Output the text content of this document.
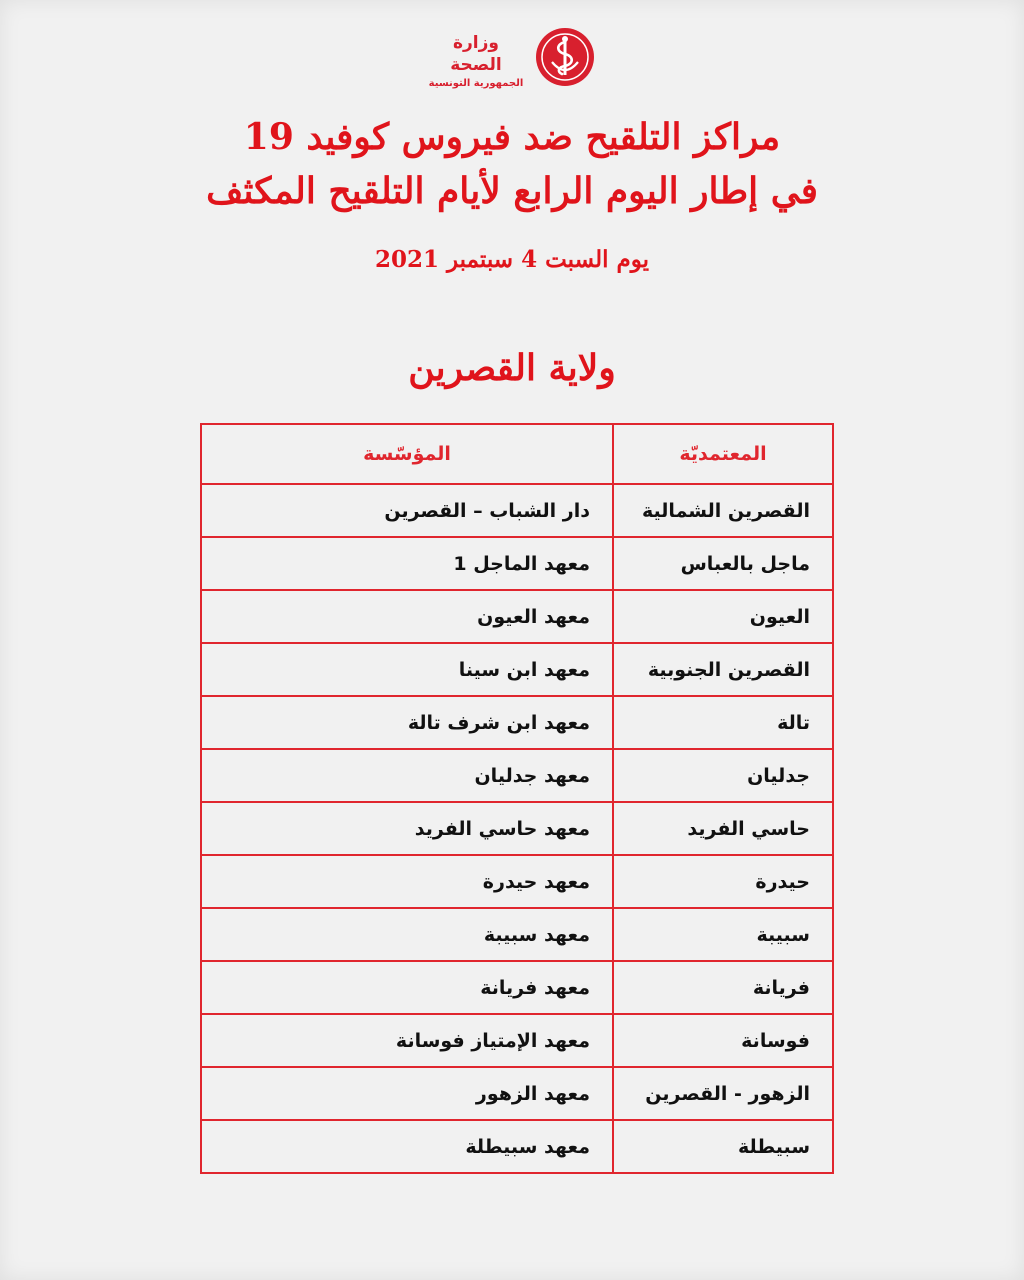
وزارة الصحة
الجمهورية التونسية
مراكز التلقيح ضد فيروس كوفيد 19
في إطار اليوم الرابع لأيام التلقيح المكثف
يوم السبت 4 سبتمبر 2021
ولاية القصرين
المعتمديّة	المؤسّسة
القصرين الشمالية	دار الشباب – القصرين
ماجل بالعباس	معهد الماجل 1
العيون	معهد العيون
القصرين الجنوبية	معهد ابن سينا
تالة	معهد ابن شرف تالة
جدليان	معهد جدليان
حاسي الفريد	معهد حاسي الفريد
حيدرة	معهد حيدرة
سبيبة	معهد سبيبة
فريانة	معهد فريانة
فوسانة	معهد الإمتياز فوسانة
الزهور - القصرين	معهد الزهور
سبيطلة	معهد سبيطلة
